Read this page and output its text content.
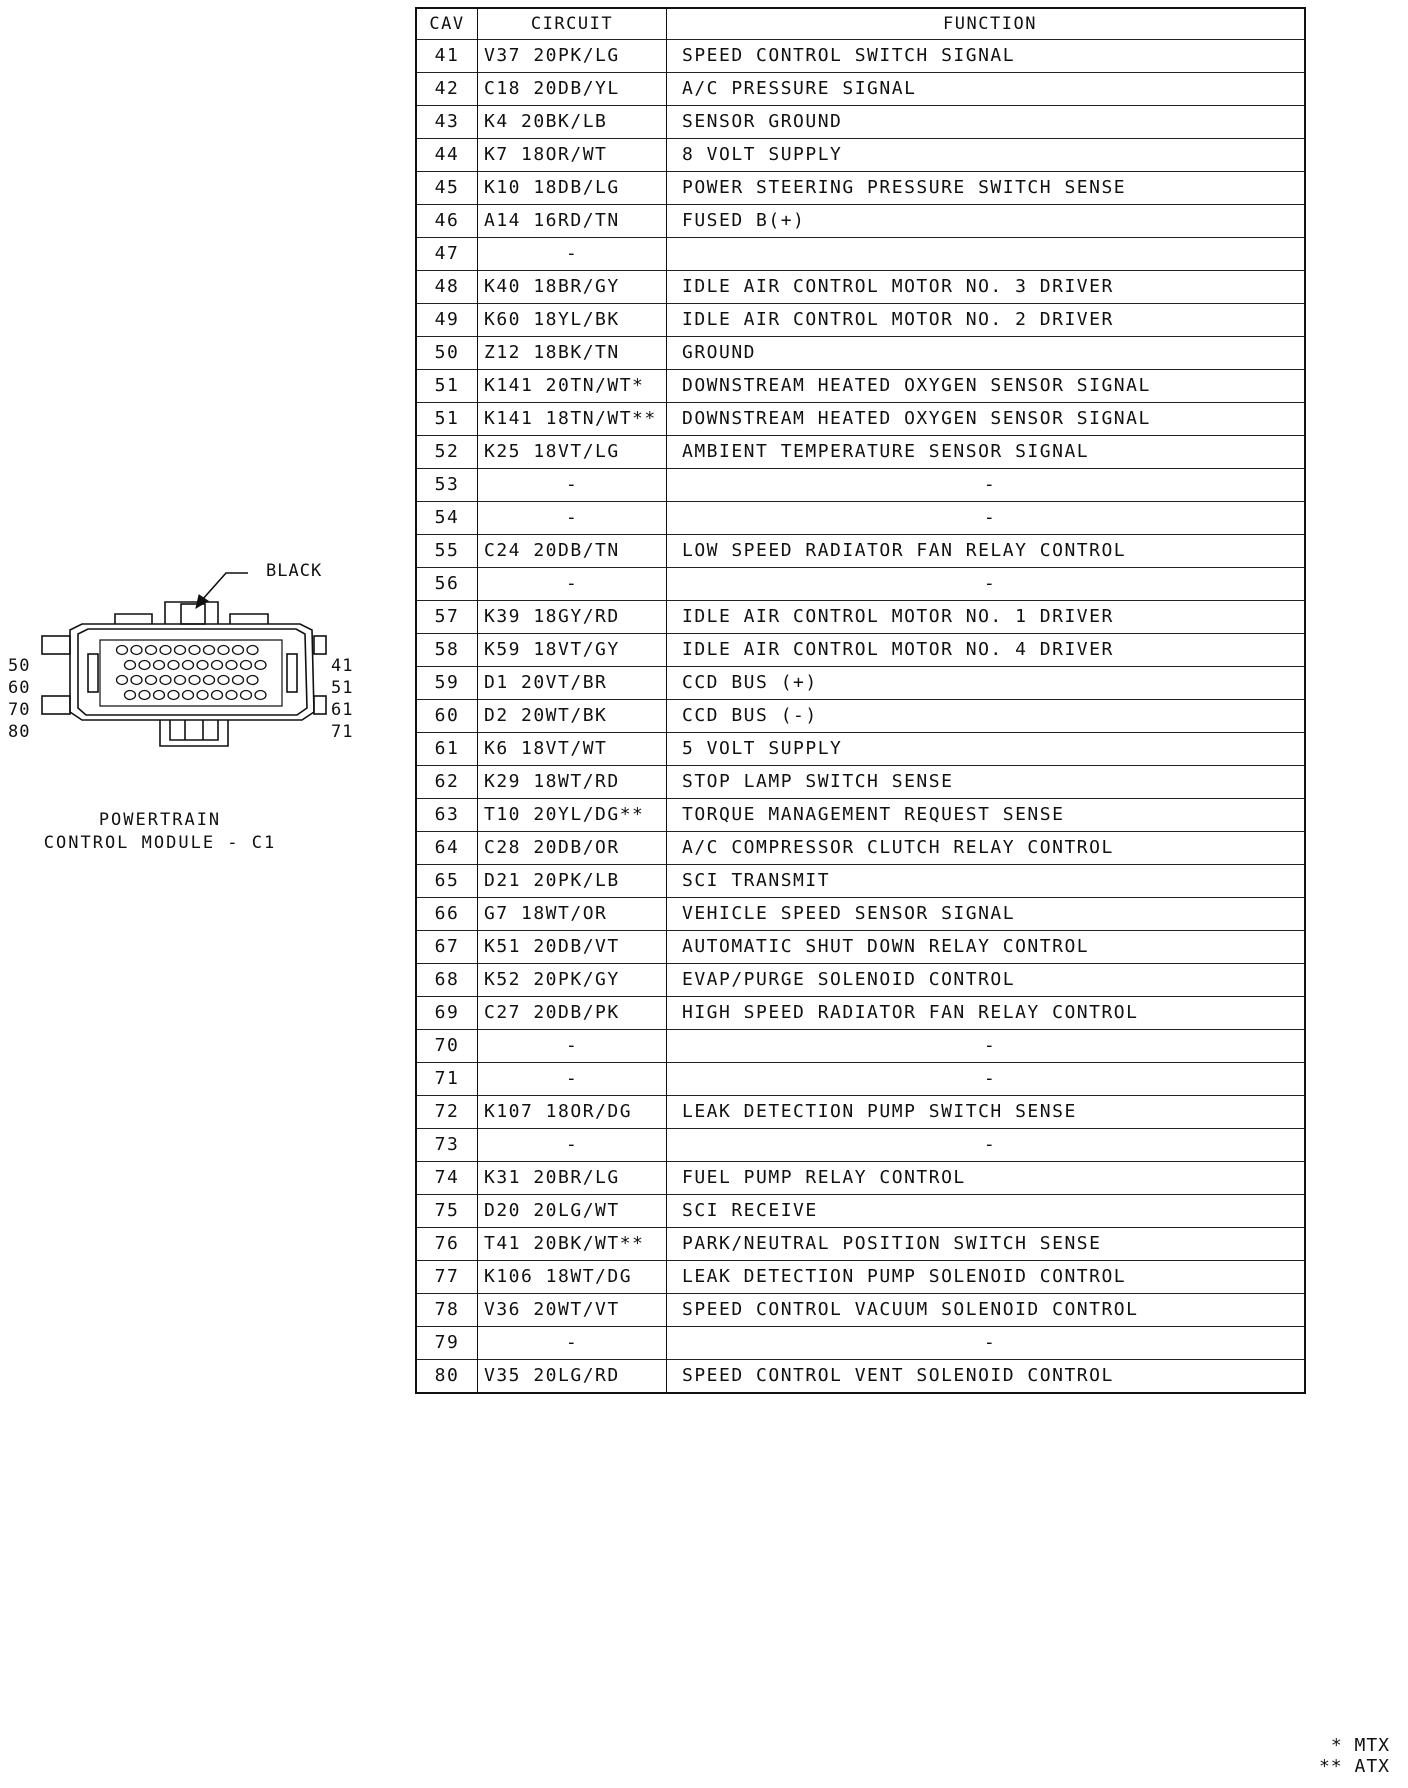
BLACK
50
60
70
80
41
51
61
71
POWERTRAIN
CONTROL MODULE - C1
CAV	CIRCUIT	FUNCTION
41	V37 20PK/LG	SPEED CONTROL SWITCH SIGNAL
42	C18 20DB/YL	A/C PRESSURE SIGNAL
43	K4 20BK/LB	SENSOR GROUND
44	K7 18OR/WT	8 VOLT SUPPLY
45	K10 18DB/LG	POWER STEERING PRESSURE SWITCH SENSE
46	A14 16RD/TN	FUSED B(+)
47	-	
48	K40 18BR/GY	IDLE AIR CONTROL MOTOR NO. 3 DRIVER
49	K60 18YL/BK	IDLE AIR CONTROL MOTOR NO. 2 DRIVER
50	Z12 18BK/TN	GROUND
51	K141 20TN/WT*	DOWNSTREAM HEATED OXYGEN SENSOR SIGNAL
51	K141 18TN/WT**	DOWNSTREAM HEATED OXYGEN SENSOR SIGNAL
52	K25 18VT/LG	AMBIENT TEMPERATURE SENSOR SIGNAL
53	-	-
54	-	-
55	C24 20DB/TN	LOW SPEED RADIATOR FAN RELAY CONTROL
56	-	-
57	K39 18GY/RD	IDLE AIR CONTROL MOTOR NO. 1 DRIVER
58	K59 18VT/GY	IDLE AIR CONTROL MOTOR NO. 4 DRIVER
59	D1 20VT/BR	CCD BUS (+)
60	D2 20WT/BK	CCD BUS (-)
61	K6 18VT/WT	5 VOLT SUPPLY
62	K29 18WT/RD	STOP LAMP SWITCH SENSE
63	T10 20YL/DG**	TORQUE MANAGEMENT REQUEST SENSE
64	C28 20DB/OR	A/C COMPRESSOR CLUTCH RELAY CONTROL
65	D21 20PK/LB	SCI TRANSMIT
66	G7 18WT/OR	VEHICLE SPEED SENSOR SIGNAL
67	K51 20DB/VT	AUTOMATIC SHUT DOWN RELAY CONTROL
68	K52 20PK/GY	EVAP/PURGE SOLENOID CONTROL
69	C27 20DB/PK	HIGH SPEED RADIATOR FAN RELAY CONTROL
70	-	-
71	-	-
72	K107 18OR/DG	LEAK DETECTION PUMP SWITCH SENSE
73	-	-
74	K31 20BR/LG	FUEL PUMP RELAY CONTROL
75	D20 20LG/WT	SCI RECEIVE
76	T41 20BK/WT**	PARK/NEUTRAL POSITION SWITCH SENSE
77	K106 18WT/DG	LEAK DETECTION PUMP SOLENOID CONTROL
78	V36 20WT/VT	SPEED CONTROL VACUUM SOLENOID CONTROL
79	-	-
80	V35 20LG/RD	SPEED CONTROL VENT SOLENOID CONTROL
* MTX
** ATX
